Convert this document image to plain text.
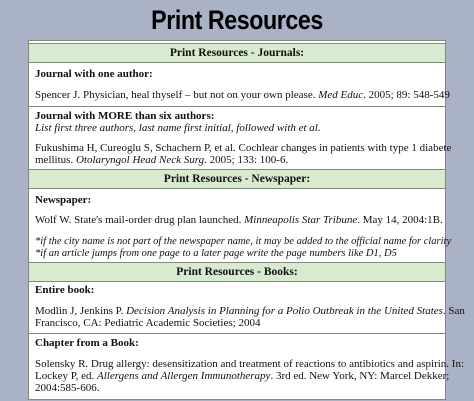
Print Resources
Print Resources - Journals:
Journal with one author:
Spencer J. Physician, heal thyself – but not on your own please. Med Educ. 2005; 89: 548-549
Journal with MORE than six authors:
List first three authors, last name first initial, followed with et al.
Fukushima H, Cureoglu S, Schachern P, et al. Cochlear changes in patients with type 1 diabete
mellitus. Otolaryngol Head Neck Surg. 2005; 133: 100-6.
Print Resources - Newspaper:
Newspaper:
Wolf W. State's mail-order drug plan launched. Minneapolis Star Tribune. May 14, 2004:1B.
*if the city name is not part of the newspaper name, it may be added to the official name for clarity
*if an article jumps from one page to a later page write the page numbers like D1, D5
Print Resources - Books:
Entire book:
Modlin J, Jenkins P. Decision Analysis in Planning for a Polio Outbreak in the United States. San
Francisco, CA: Pediatric Academic Societies; 2004
Chapter from a Book:
Solensky R. Drug allergy: desensitization and treatment of reactions to antibiotics and aspirin. In:
Lockey P, ed. Allergens and Allergen Immunotherapy. 3rd ed. New York, NY: Marcel Dekker;
2004:585-606.
